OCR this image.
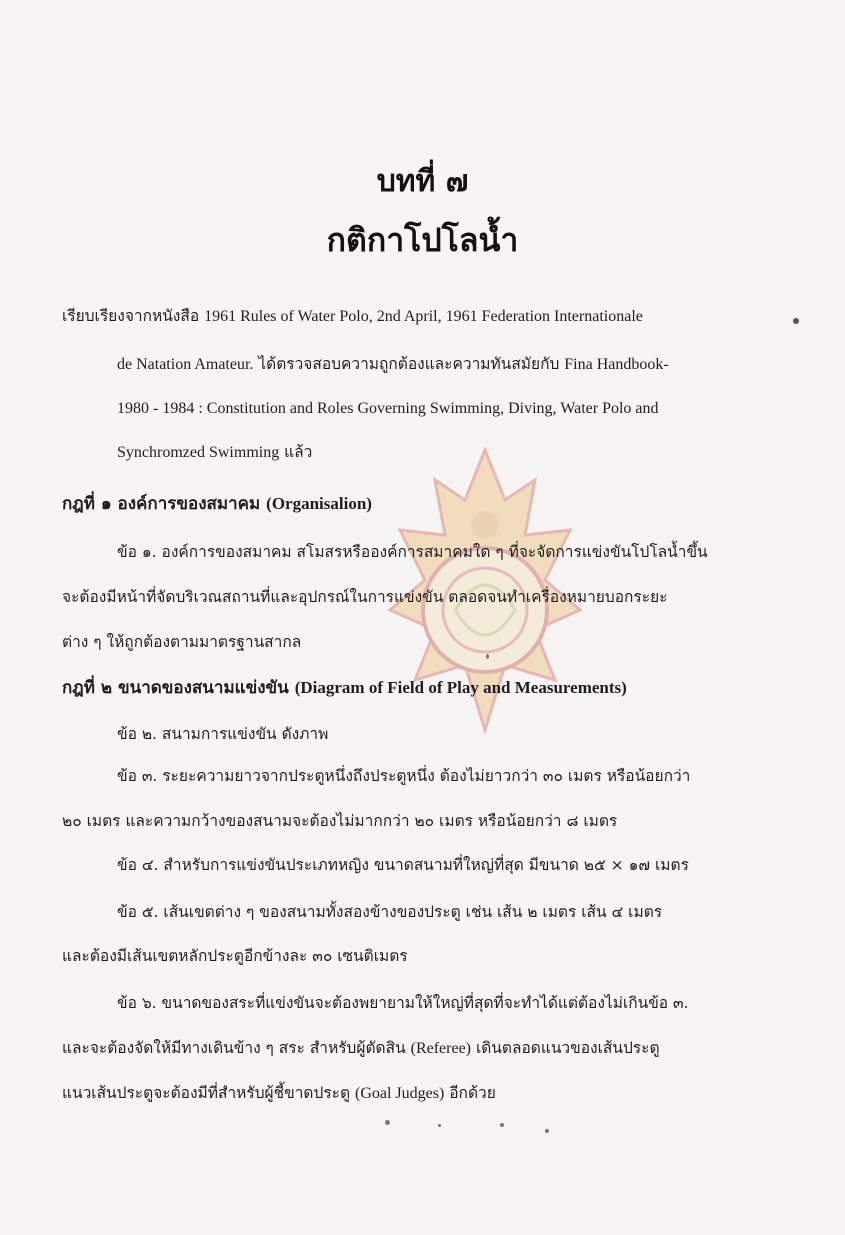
บทที่ ๗
กติกาโปโลน้ำ
เรียบเรียงจากหนังสือ 1961 Rules of Water Polo, 2nd April, 1961 Federation Internationale
de Natation Amateur. ได้ตรวจสอบความถูกต้องและความทันสมัยกับ Fina Handbook-
1980 - 1984 : Constitution and Roles Governing Swimming, Diving, Water Polo and
Synchromzed Swimming แล้ว
กฎที่ ๑ องค์การของสมาคม (Organisalion)
ข้อ ๑. องค์การของสมาคม สโมสรหรือองค์การสมาคมใด ๆ ที่จะจัดการแข่งขันโปโลน้ำขึ้น
จะต้องมีหน้าที่จัดบริเวณสถานที่และอุปกรณ์ในการแข่งขัน ตลอดจนทำเครื่องหมายบอกระยะ
ต่าง ๆ ให้ถูกต้องตามมาตรฐานสากล
กฎที่ ๒ ขนาดของสนามแข่งขัน (Diagram of Field of Play and Measurements)
ข้อ ๒. สนามการแข่งขัน ดังภาพ
ข้อ ๓. ระยะความยาวจากประตูหนึ่งถึงประตูหนึ่ง ต้องไม่ยาวกว่า ๓๐ เมตร หรือน้อยกว่า
๒๐ เมตร และความกว้างของสนามจะต้องไม่มากกว่า ๒๐ เมตร หรือน้อยกว่า ๘ เมตร
ข้อ ๔. สำหรับการแข่งขันประเภทหญิง ขนาดสนามที่ใหญ่ที่สุด มีขนาด ๒๕ × ๑๗ เมตร
ข้อ ๕. เส้นเขตต่าง ๆ ของสนามทั้งสองข้างของประตู เช่น เส้น ๒ เมตร เส้น ๔ เมตร
และต้องมีเส้นเขตหลักประตูอีกข้างละ ๓๐ เซนติเมตร
ข้อ ๖. ขนาดของสระที่แข่งขันจะต้องพยายามให้ใหญ่ที่สุดที่จะทำได้แต่ต้องไม่เกินข้อ ๓.
และจะต้องจัดให้มีทางเดินข้าง ๆ สระ สำหรับผู้ตัดสิน (Referee) เดินตลอดแนวของเส้นประตู
แนวเส้นประตูจะต้องมีที่สำหรับผู้ชี้ขาดประตู (Goal Judges) อีกด้วย
